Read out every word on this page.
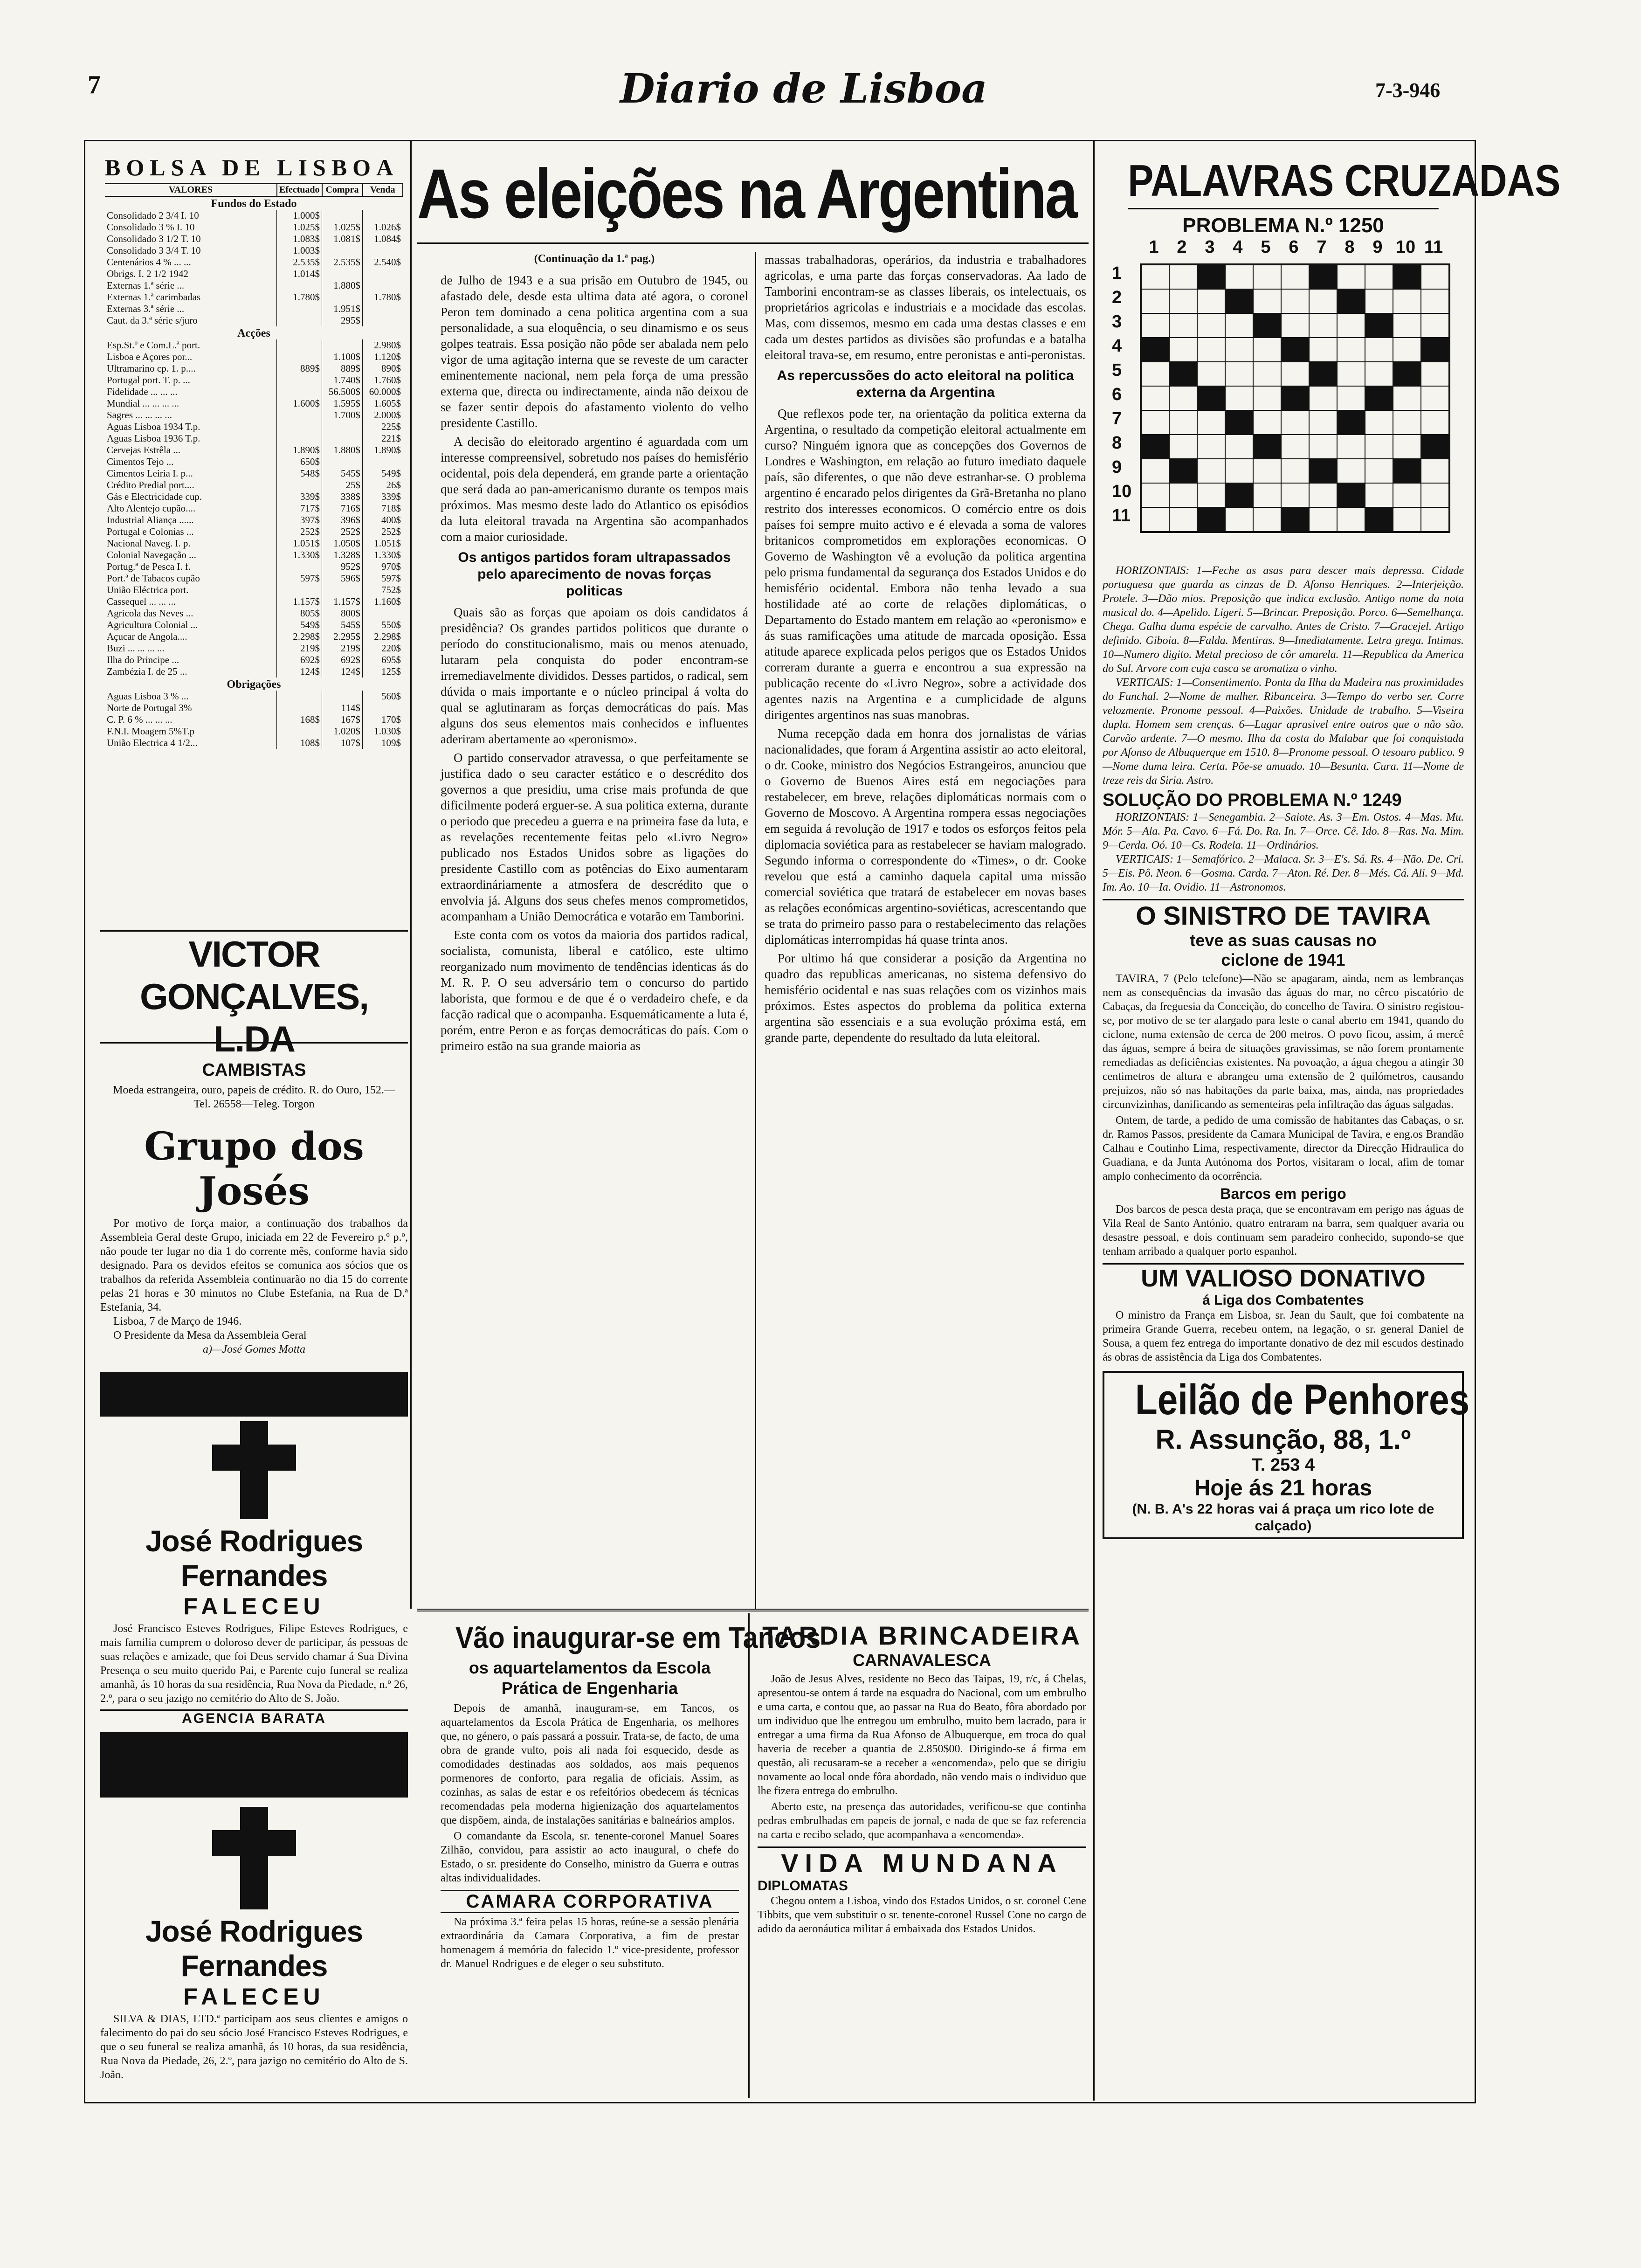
7	Diario de Lisboa	7-3-946
BOLSA DE LISBOA
VALORES	Efectuado	Compra	Venda
Fundos do Estado			
Consolidado 2 3/4 I. 10	1.000$		
Consolidado 3 % I. 10	1.025$	1.025$	1.026$
Consolidado 3 1/2 T. 10	1.083$	1.081$	1.084$
Consolidado 3 3/4 T. 10	1.003$		
Centenários 4 % ... ...	2.535$	2.535$	2.540$
Obrigs. I. 2 1/2 1942	1.014$		
Externas 1.ª série ...		1.880$	
Externas 1.ª carimbadas	1.780$		1.780$
Externas 3.ª série ...		1.951$	
Caut. da 3.ª série s/juro		295$	
Acções			
Esp.St.º e Com.L.ª port.			2.980$
Lisboa e Açores por...		1.100$	1.120$
Ultramarino cp. 1. p....	889$	889$	890$
Portugal port. T. p. ...		1.740$	1.760$
Fidelidade ... ... ...		56.500$	60.000$
Mundial ... ... ... ...	1.600$	1.595$	1.605$
Sagres ... ... ... ...		1.700$	2.000$
Aguas Lisboa 1934 T.p.			225$
Aguas Lisboa 1936 T.p.			221$
Cervejas Estrêla ...	1.890$	1.880$	1.890$
Cimentos Tejo ...	650$		
Cimentos Leiria I. p...	548$	545$	549$
Crédito Predial port....		25$	26$
Gás e Electricidade cup.	339$	338$	339$
Alto Alentejo cupão....	717$	716$	718$
Industrial Aliança ......	397$	396$	400$
Portugal e Colonias ...	252$	252$	252$
Nacional Naveg. I. p.	1.051$	1.050$	1.051$
Colonial Navegação ...	1.330$	1.328$	1.330$
Portug.ª de Pesca I. f.		952$	970$
Port.ª de Tabacos cupão	597$	596$	597$
União Eléctrica port.			752$
Cassequel ... ... ...	1.157$	1.157$	1.160$
Agricola das Neves ...	805$	800$	
Agricultura Colonial ...	549$	545$	550$
Açucar de Angola....	2.298$	2.295$	2.298$
Buzi ... ... ... ...	219$	219$	220$
Ilha do Principe ...	692$	692$	695$
Zambézia I. de 25 ...	124$	124$	125$
Obrigações			
Aguas Lisboa 3 % ...			560$
Norte de Portugal 3%		114$	
C. P. 6 % ... ... ...	168$	167$	170$
F.N.I. Moagem 5%T.p		1.020$	1.030$
União Electrica 4 1/2...	108$	107$	109$
VICTOR GONÇALVES, L.DA
CAMBISTAS
Moeda estrangeira, ouro, papeis de crédito. R. do Ouro, 152.—Tel. 26558—Teleg. Torgon
Grupo dos Josés
Por motivo de força maior, a continuação dos trabalhos da Assembleia Geral deste Grupo, iniciada em 22 de Fevereiro p.º p.º, não poude ter lugar no dia 1 do corrente mês, conforme havia sido designado. Para os devidos efeitos se comunica aos sócios que os trabalhos da referida Assembleia continuarão no dia 15 do corrente pelas 21 horas e 30 minutos no Clube Estefania, na Rua de D.ª Estefania, 34.
Lisboa, 7 de Março de 1946.
O Presidente da Mesa da Assembleia Geral
a)—José Gomes Motta
José Rodrigues Fernandes
FALECEU
José Francisco Esteves Rodrigues, Filipe Esteves Rodrigues, e mais familia cumprem o doloroso dever de participar, ás pessoas de suas relações e amizade, que foi Deus servido chamar á Sua Divina Presença o seu muito querido Pai, e Parente cujo funeral se realiza amanhã, ás 10 horas da sua residência, Rua Nova da Piedade, n.º 26, 2.º, para o seu jazigo no cemitério do Alto de S. João.
AGENCIA BARATA
José Rodrigues Fernandes
FALECEU
SILVA & DIAS, LTD.ª participam aos seus clientes e amigos o falecimento do pai do seu sócio José Francisco Esteves Rodrigues, e que o seu funeral se realiza amanhã, ás 10 horas, da sua residência, Rua Nova da Piedade, 26, 2.º, para jazigo no cemitério do Alto de S. João.
As eleições na Argentina
(Continuação da 1.ª pag.)

de Julho de 1943 e a sua prisão em Outubro de 1945, ou afastado dele, desde esta ultima data até agora, o coronel Peron tem dominado a cena politica argentina com a sua personalidade, a sua eloquência, o seu dinamismo e os seus golpes teatrais. Essa posição não pôde ser abalada nem pelo vigor de uma agitação interna que se reveste de um caracter eminentemente nacional, nem pela força de uma pressão externa que, directa ou indirectamente, ainda não deixou de se fazer sentir depois do afastamento violento do velho presidente Castillo.

A decisão do eleitorado argentino é aguardada com um interesse compreensivel, sobretudo nos países do hemisfério ocidental, pois dela dependerá, em grande parte a orientação que será dada ao pan-americanismo durante os tempos mais próximos. Mas mesmo deste lado do Atlantico os episódios da luta eleitoral travada na Argentina são acompanhados com a maior curiosidade.

Os antigos partidos foram ultrapassados pelo aparecimento de novas forças politicas

Quais são as forças que apoiam os dois candidatos á presidência? Os grandes partidos politicos que durante o período do constitucionalismo, mais ou menos atenuado, lutaram pela conquista do poder encontram-se irremediavelmente divididos. Desses partidos, o radical, sem dúvida o mais importante e o núcleo principal á volta do qual se aglutinaram as forças democráticas do país. Mas alguns dos seus elementos mais conhecidos e influentes aderiram abertamente ao «peronismo».

O partido conservador atravessa, o que perfeitamente se justifica dado o seu caracter estático e o descrédito dos governos a que presidiu, uma crise mais profunda de que dificilmente poderá erguer-se. A sua politica externa, durante o periodo que precedeu a guerra e na primeira fase da luta, e as revelações recentemente feitas pelo «Livro Negro» publicado nos Estados Unidos sobre as ligações do presidente Castillo com as potências do Eixo aumentaram extraordináriamente a atmosfera de descrédito que o envolvia já. Alguns dos seus chefes menos comprometidos, acompanham a União Democrática e votarão em Tamborini.

Este conta com os votos da maioria dos partidos radical, socialista, comunista, liberal e católico, este ultimo reorganizado num movimento de tendências identicas ás do M. R. P. O seu adversário tem o concurso do partido laborista, que formou e de que é o verdadeiro chefe, e da facção radical que o acompanha. Esquemáticamente a luta é, porém, entre Peron e as forças democráticas do país. Com o primeiro estão na sua grande maioria as

massas trabalhadoras, operários, da industria e trabalhadores agricolas, e uma parte das forças conservadoras. Aa lado de Tamborini encontram-se as classes liberais, os intelectuais, os proprietários agricolas e industriais e a mocidade das escolas. Mas, com dissemos, mesmo em cada uma destas classes e em cada um destes partidos as divisões são profundas e a batalha eleitoral trava-se, em resumo, entre peronistas e anti-peronistas.

As repercussões do acto eleitoral na politica externa da Argentina

Que reflexos pode ter, na orientação da politica externa da Argentina, o resultado da competição eleitoral actualmente em curso? Ninguém ignora que as concepções dos Governos de Londres e Washington, em relação ao futuro imediato daquele país, são diferentes, o que não deve estranhar-se. O problema argentino é encarado pelos dirigentes da Grã-Bretanha no plano restrito dos interesses economicos. O comércio entre os dois países foi sempre muito activo e é elevada a soma de valores britanicos comprometidos em explorações economicas. O Governo de Washington vê a evolução da politica argentina pelo prisma fundamental da segurança dos Estados Unidos e do hemisfério ocidental. Embora não tenha levado a sua hostilidade até ao corte de relações diplomáticas, o Departamento do Estado mantem em relação ao «peronismo» e ás suas ramificações uma atitude de marcada oposição. Essa atitude aparece explicada pelos perigos que os Estados Unidos correram durante a guerra e encontrou a sua expressão na publicação recente do «Livro Negro», sobre a actividade dos agentes nazis na Argentina e a cumplicidade de alguns dirigentes argentinos nas suas manobras.

Numa recepção dada em honra dos jornalistas de várias nacionalidades, que foram á Argentina assistir ao acto eleitoral, o dr. Cooke, ministro dos Negócios Estrangeiros, anunciou que o Governo de Buenos Aires está em negociações para restabelecer, em breve, relações diplomáticas normais com o Governo de Moscovo. A Argentina rompera essas negociações em seguida á revolução de 1917 e todos os esforços feitos pela diplomacia soviética para as restabelecer se haviam malogrado. Segundo informa o correspondente do «Times», o dr. Cooke revelou que está a caminho daquela capital uma missão comercial soviética que tratará de estabelecer em novas bases as relações económicas argentino-soviéticas, acrescentando que se trata do primeiro passo para o restabelecimento das relações diplomáticas interrompidas há quase trinta anos.

Por ultimo há que considerar a posição da Argentina no quadro das republicas americanas, no sistema defensivo do hemisfério ocidental e nas suas relações com os vizinhos mais próximos. Estes aspectos do problema da politica externa argentina são essenciais e a sua evolução próxima está, em grande parte, dependente do resultado da luta eleitoral.

Vão inaugurar-se em Tancos
os aquartelamentos da Escola Prática de Engenharia

Depois de amanhã, inauguram-se, em Tancos, os aquartelamentos da Escola Prática de Engenharia, os melhores que, no género, o país passará a possuir. Trata-se, de facto, de uma obra de grande vulto, pois ali nada foi esquecido, desde as comodidades destinadas aos soldados, aos mais pequenos pormenores de conforto, para regalia de oficiais. Assim, as cozinhas, as salas de estar e os refeitórios obedecem ás técnicas recomendadas pela moderna higienização dos aquartelamentos que dispõem, ainda, de instalações sanitárias e balneários amplos.

O comandante da Escola, sr. tenente-coronel Manuel Soares Zilhão, convidou, para assistir ao acto inaugural, o chefe do Estado, o sr. presidente do Conselho, ministro da Guerra e outras altas individualidades.

CAMARA CORPORATIVA
Na próxima 3.ª feira pelas 15 horas, reúne-se a sessão plenária extraordinária da Camara Corporativa, a fim de prestar homenagem á memória do falecido 1.º vice-presidente, professor dr. Manuel Rodrigues e de eleger o seu substituto.
TARDIA BRINCADEIRA
CARNAVALESCA

João de Jesus Alves, residente no Beco das Taipas, 19, r/c, á Chelas, apresentou-se ontem á tarde na esquadra do Nacional, com um embrulho e uma carta, e contou que, ao passar na Rua do Beato, fôra abordado por um individuo que lhe entregou um embrulho, muito bem lacrado, para ir entregar a uma firma da Rua Afonso de Albuquerque, em troca do qual haveria de receber a quantia de 2.850$00. Dirigindo-se á firma em questão, ali recusaram-se a receber a «encomenda», pelo que se dirigiu novamente ao local onde fôra abordado, não vendo mais o individuo que lhe fizera entrega do embrulho.

Aberto este, na presença das autoridades, verificou-se que continha pedras embrulhadas em papeis de jornal, e nada de que se faz referencia na carta e recibo selado, que acompanhava a «encomenda».

VIDA MUNDANA
DIPLOMATAS
Chegou ontem a Lisboa, vindo dos Estados Unidos, o sr. coronel Cene Tibbits, que vem substituir o sr. tenente-coronel Russel Cone no cargo de adido da aeronáutica militar á embaixada dos Estados Unidos.
PALAVRAS CRUZADAS
PROBLEMA N.º 1250
1	2	3	4	5	6	7	8	9 10 11
1
2
3
4
5
6
7
8
9
10
11
HORIZONTAIS: 1—Feche as asas para descer mais depressa. Cidade portuguesa que guarda as cinzas de D. Afonso Henriques. 2—Interjeição. Protele. 3—Dão mios. Preposição que indica exclusão. Antigo nome da nota musical do. 4—Apelido. Ligeri. 5—Brincar. Preposição. Porco. 6—Semelhança. Chega. Galha duma espécie de carvalho. Antes de Cristo. 7—Gracejel. Artigo definido. Giboia. 8—Falda. Mentiras. 9—Imediatamente. Letra grega. Intimas. 10—Numero digito. Metal precioso de côr amarela. 11—Republica da America do Sul. Arvore com cuja casca se aromatiza o vinho.
VERTICAIS: 1—Consentimento. Ponta da Ilha da Madeira nas proximidades do Funchal. 2—Nome de mulher. Ribanceira. 3—Tempo do verbo ser. Corre velozmente. Pronome pessoal. 4—Paixões. Unidade de trabalho. 5—Viseira dupla. Homem sem crenças. 6—Lugar aprasivel entre outros que o não são. Carvão ardente. 7—O mesmo. Ilha da costa do Malabar que foi conquistada por Afonso de Albuquerque em 1510. 8—Pronome pessoal. O tesouro publico. 9—Nome duma leira. Certa. Põe-se amuado. 10—Besunta. Cura. 11—Nome de treze reis da Siria. Astro.
SOLUÇÃO DO PROBLEMA N.º 1249
HORIZONTAIS: 1—Senegambia. 2—Saiote. As. 3—Em. Ostos. 4—Mas. Mu. Mór. 5—Ala. Pa. Cavo. 6—Fá. Do. Ra. In. 7—Orce. Cê. Ido. 8—Ras. Na. Mim. 9—Cerda. Oó. 10—Cs. Rodela. 11—Ordinários.
VERTICAIS: 1—Semafórico. 2—Malaca. Sr. 3—E's. Sá. Rs. 4—Não. De. Cri. 5—Eis. Pô. Neon. 6—Gosma. Carda. 7—Aton. Ré. Der. 8—Més. Cá. Ali. 9—Md. Im. Ao. 10—Ia. Ovidio. 11—Astronomos.
O SINISTRO DE TAVIRA
teve as suas causas no ciclone de 1941

TAVIRA, 7 (Pelo telefone)—Não se apagaram, ainda, nem as lembranças nem as consequências da invasão das águas do mar, no cêrco piscatório de Cabaças, da freguesia da Conceição, do concelho de Tavira. O sinistro registou-se, por motivo de se ter alargado para leste o canal aberto em 1941, quando do ciclone, numa extensão de cerca de 200 metros. O povo ficou, assim, á mercê das águas, sempre á beira de situações gravissimas, se não forem prontamente remediadas as deficiências existentes. Na povoação, a água chegou a atingir 30 centimetros de altura e abrangeu uma extensão de 2 quilómetros, causando prejuizos, não só nas habitações da parte baixa, mas, ainda, nas propriedades circunvizinhas, danificando as sementeiras pela infiltração das águas salgadas.

Ontem, de tarde, a pedido de uma comissão de habitantes das Cabaças, o sr. dr. Ramos Passos, presidente da Camara Municipal de Tavira, e eng.os Brandão Calhau e Coutinho Lima, respectivamente, director da Direcção Hidraulica do Guadiana, e da Junta Autónoma dos Portos, visitaram o local, afim de tomar amplo conhecimento da ocorrência.

Barcos em perigo
Dos barcos de pesca desta praça, que se encontravam em perigo nas águas de Vila Real de Santo António, quatro entraram na barra, sem qualquer avaria ou desastre pessoal, e dois continuam sem paradeiro conhecido, supondo-se que tenham arribado a qualquer porto espanhol.
UM VALIOSO DONATIVO
á Liga dos Combatentes
O ministro da França em Lisboa, sr. Jean du Sault, que foi combatente na primeira Grande Guerra, recebeu ontem, na legação, o sr. general Daniel de Sousa, a quem fez entrega do importante donativo de dez mil escudos destinado ás obras de assistência da Liga dos Combatentes.
Leilão de Penhores
R. Assunção, 88, 1.º
T. 253 4
Hoje ás 21 horas
(N. B. A's 22 horas vai á praça um rico lote de calçado)
